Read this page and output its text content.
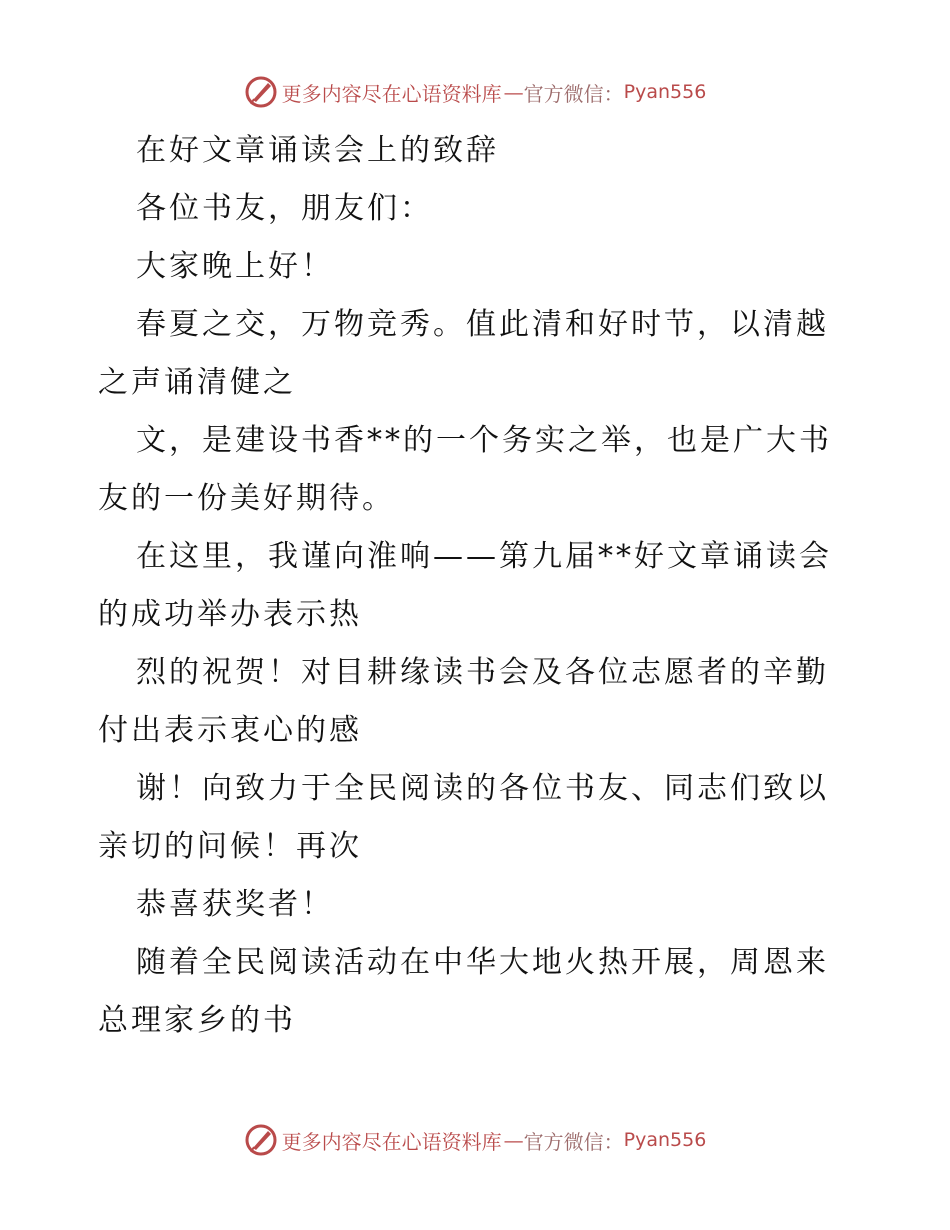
更多内容尽在心语资料库 — 官方微信： Pyan556
在好文章诵读会上的致辞
各位书友，朋友们：
大家晚上好！
春夏之交，万物竞秀。值此清和好时节，以清越
之声诵清健之
文，是建设书香**的一个务实之举，也是广大书
友的一份美好期待。
在这里，我谨向淮响——第九届**好文章诵读会
的成功举办表示热
烈的祝贺！对目耕缘读书会及各位志愿者的辛勤
付出表示衷心的感
谢！向致力于全民阅读的各位书友、同志们致以
亲切的问候！再次
恭喜获奖者！
随着全民阅读活动在中华大地火热开展，周恩来
总理家乡的书
更多内容尽在心语资料库 — 官方微信： Pyan556
